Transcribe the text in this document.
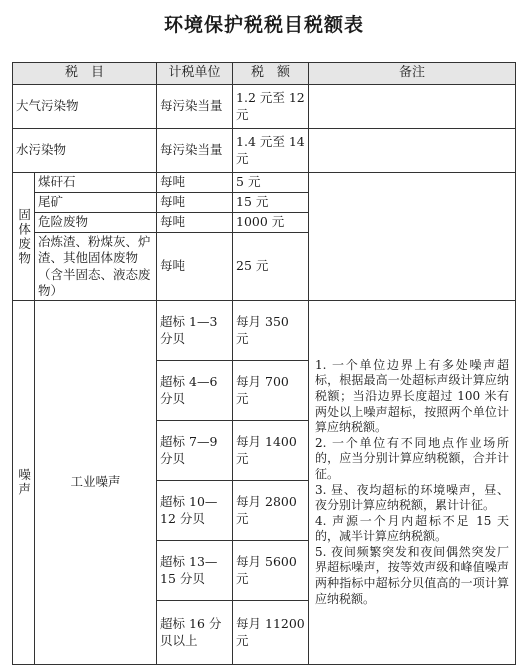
环境保护税税目税额表
税　目		计税单位	税　额	备注
大气污染物		每污染当量	1.2 元至 12 元	
水污染物		每污染当量	1.4 元至 14 元	

固体废物	煤矸石	每吨	5 元	
	尾矿	每吨	15 元	
	危险废物	每吨	1000 元	
	冶炼渣、粉煤灰、炉渣、其他固体废物（含半固态、液态废物）	每吨	25 元	

噪声	工业噪声	超标 1—3 分贝	每月 350 元	1. 一个单位边界上有多处噪声超标，根据最高一处超标声级计算应纳税额；当沿边界长度超过 100 米有两处以上噪声超标，按照两个单位计算应纳税额。
2. 一个单位有不同地点作业场所的，应当分别计算应纳税额，合并计征。
3. 昼、夜均超标的环境噪声，昼、夜分别计算应纳税额，累计计征。
4. 声源一个月内超标不足 15 天的，减半计算应纳税额。
5. 夜间频繁突发和夜间偶然突发厂界超标噪声，按等效声级和峰值噪声两种指标中超标分贝值高的一项计算应纳税额。

		超标 4—6 分贝	每月 700 元	
		超标 7—9 分贝	每月 1400 元	
		超标 10—12 分贝	每月 2800 元	
		超标 13—15 分贝	每月 5600 元	
		超标 16 分贝以上	每月 11200 元	
